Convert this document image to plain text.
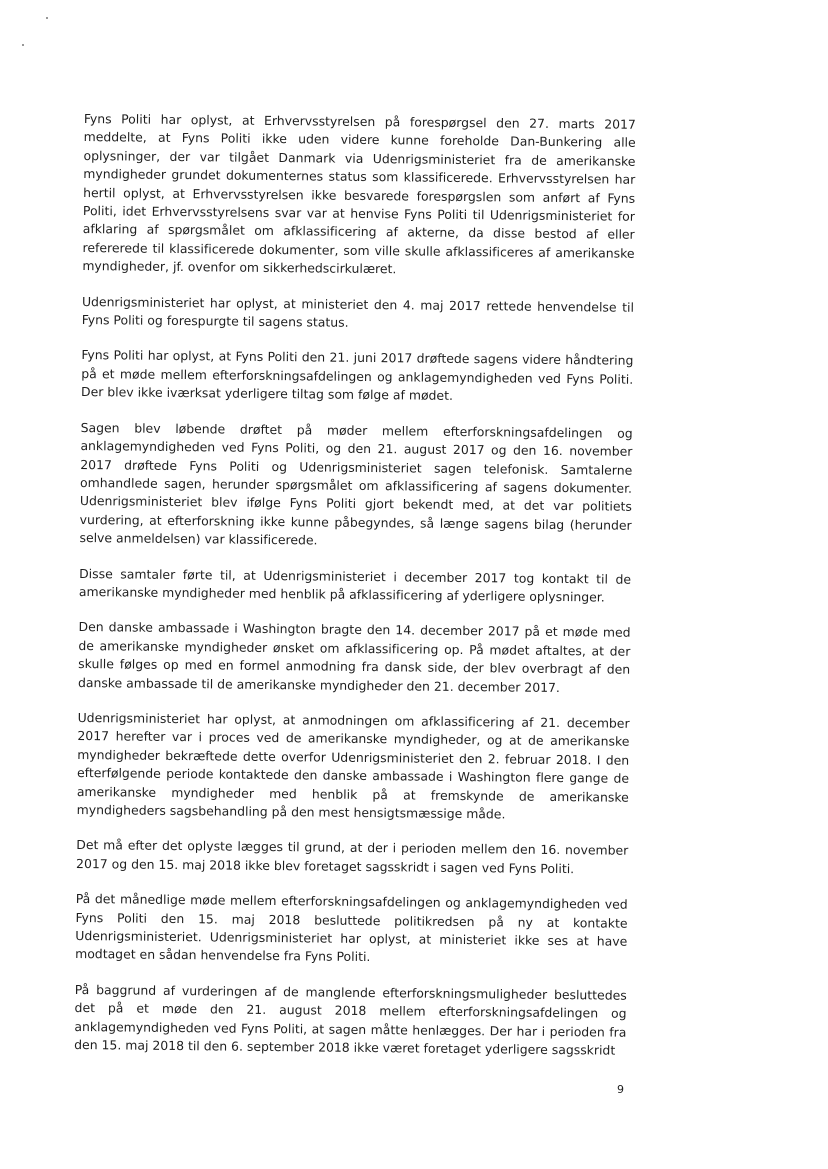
Fyns Politi har oplyst, at Erhvervsstyrelsen på forespørgsel den 27. marts 2017 meddelte, at Fyns Politi ikke uden videre kunne foreholde Dan-Bunkering alle oplysninger, der var tilgået Danmark via Udenrigsministeriet fra de amerikanske myndigheder grundet dokumenternes status som klassificerede. Erhvervsstyrelsen har hertil oplyst, at Erhvervsstyrelsen ikke besvarede forespørgslen som anført af Fyns Politi, idet Erhvervsstyrelsens svar var at henvise Fyns Politi til Udenrigsministeriet for afklaring af spørgsmålet om afklassificering af akterne, da disse bestod af eller refererede til klassificerede dokumenter, som ville skulle afklassificeres af amerikanske myndigheder, jf. ovenfor om sikkerhedscirkulæret.

Udenrigsministeriet har oplyst, at ministeriet den 4. maj 2017 rettede henvendelse til Fyns Politi og forespurgte til sagens status.

Fyns Politi har oplyst, at Fyns Politi den 21. juni 2017 drøftede sagens videre håndtering på et møde mellem efterforskningsafdelingen og anklagemyndigheden ved Fyns Politi. Der blev ikke iværksat yderligere tiltag som følge af mødet.

Sagen blev løbende drøftet på møder mellem efterforskningsafdelingen og anklagemyndigheden ved Fyns Politi, og den 21. august 2017 og den 16. november 2017 drøftede Fyns Politi og Udenrigsministeriet sagen telefonisk. Samtalerne omhandlede sagen, herunder spørgsmålet om afklassificering af sagens dokumenter. Udenrigsministeriet blev ifølge Fyns Politi gjort bekendt med, at det var politiets vurdering, at efterforskning ikke kunne påbegyndes, så længe sagens bilag (herunder selve anmeldelsen) var klassificerede.

Disse samtaler førte til, at Udenrigsministeriet i december 2017 tog kontakt til de amerikanske myndigheder med henblik på afklassificering af yderligere oplysninger.

Den danske ambassade i Washington bragte den 14. december 2017 på et møde med de amerikanske myndigheder ønsket om afklassificering op. På mødet aftaltes, at der skulle følges op med en formel anmodning fra dansk side, der blev overbragt af den danske ambassade til de amerikanske myndigheder den 21. december 2017.

Udenrigsministeriet har oplyst, at anmodningen om afklassificering af 21. december 2017 herefter var i proces ved de amerikanske myndigheder, og at de amerikanske myndigheder bekræftede dette overfor Udenrigsministeriet den 2. februar 2018. I den efterfølgende periode kontaktede den danske ambassade i Washington flere gange de amerikanske myndigheder med henblik på at fremskynde de amerikanske myndigheders sagsbehandling på den mest hensigtsmæssige måde.

Det må efter det oplyste lægges til grund, at der i perioden mellem den 16. november 2017 og den 15. maj 2018 ikke blev foretaget sagsskridt i sagen ved Fyns Politi.

På det månedlige møde mellem efterforskningsafdelingen og anklagemyndigheden ved Fyns Politi den 15. maj 2018 besluttede politikredsen på ny at kontakte Udenrigsministeriet. Udenrigsministeriet har oplyst, at ministeriet ikke ses at have modtaget en sådan henvendelse fra Fyns Politi.

På baggrund af vurderingen af de manglende efterforskningsmuligheder besluttedes det på et møde den 21. august 2018 mellem efterforskningsafdelingen og anklagemyndigheden ved Fyns Politi, at sagen måtte henlægges. Der har i perioden fra den 15. maj 2018 til den 6. september 2018 ikke været foretaget yderligere sagsskridt

9
